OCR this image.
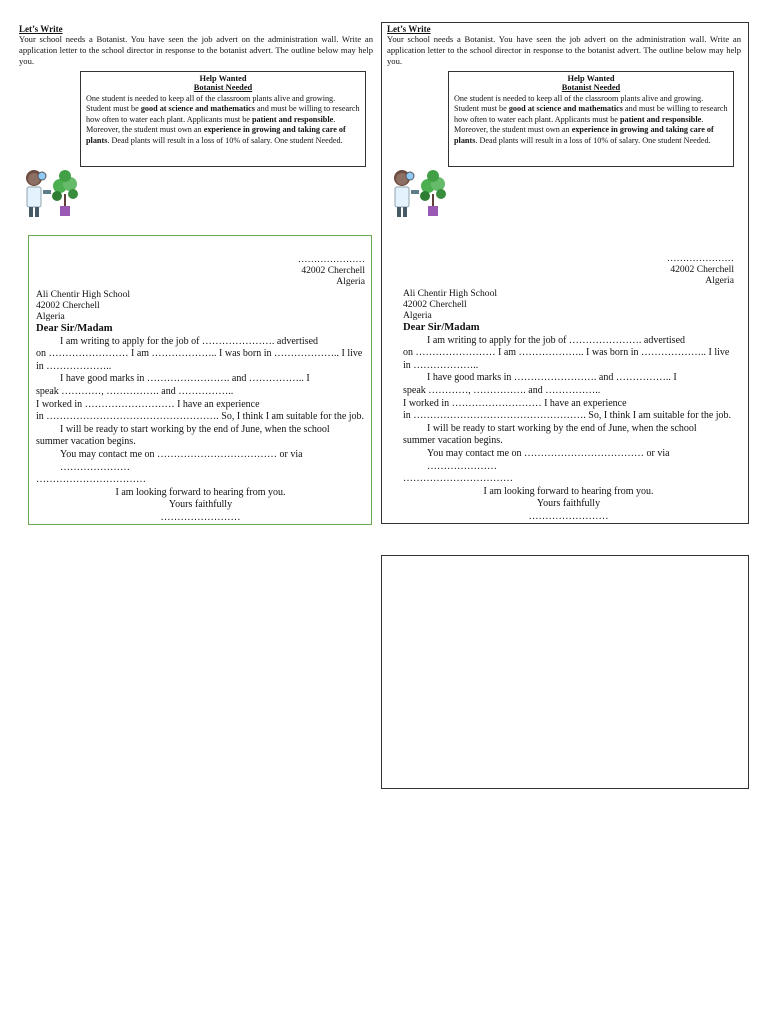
Let’s Write
Your school needs a Botanist. You have seen the job advert on the administration wall. Write an application letter to the school director in response to the botanist advert. The outline below may help you.
Help Wanted
Botanist Needed
One student is needed to keep all of the classroom plants alive and growing. Student must be good at science and mathematics and must be willing to research how often to water each plant. Applicants must be patient and responsible. Moreover, the student must own an experience in growing and taking care of plants. Dead plants will result in a loss of 10% of salary. One student Needed.
…………………
42002 Cherchell
Algeria
Ali Chentir High School
42002 Cherchell
Algeria
Dear Sir/Madam
I am writing to apply for the job of …………………. advertised
on …………………… I am ……………….. I was born in ……………….. I live
in ………………..
I have good marks in ……………………. and …………….. I
speak …………, ……………. and ……………..
I worked in ……………………… I have an experience
in ……………………………………………. So, I think I am suitable for the job.
I will be ready to start working by the end of June, when the school
summer vacation begins.
You may contact me on ……………………………… or via …………………
……………………………
I am looking forward to hearing from you.
Yours faithfully
……………………
Let’s Write
Your school needs a Botanist. You have seen the job advert on the administration wall. Write an application letter to the school director in response to the botanist advert. The outline below may help you.
Help Wanted
Botanist Needed
One student is needed to keep all of the classroom plants alive and growing. Student must be good at science and mathematics and must be willing to research how often to water each plant. Applicants must be patient and responsible. Moreover, the student must own an experience in growing and taking care of plants. Dead plants will result in a loss of 10% of salary. One student Needed.
…………………
42002 Cherchell
Algeria
Ali Chentir High School
42002 Cherchell
Algeria
Dear Sir/Madam
I am writing to apply for the job of …………………. advertised
on …………………… I am ……………….. I was born in ……………….. I live
in ………………..
I have good marks in ……………………. and …………….. I
speak …………, ……………. and ……………..
I worked in ……………………… I have an experience
in ……………………………………………. So, I think I am suitable for the job.
I will be ready to start working by the end of June, when the school
summer vacation begins.
You may contact me on ……………………………… or via …………………
……………………………
I am looking forward to hearing from you.
Yours faithfully
……………………
